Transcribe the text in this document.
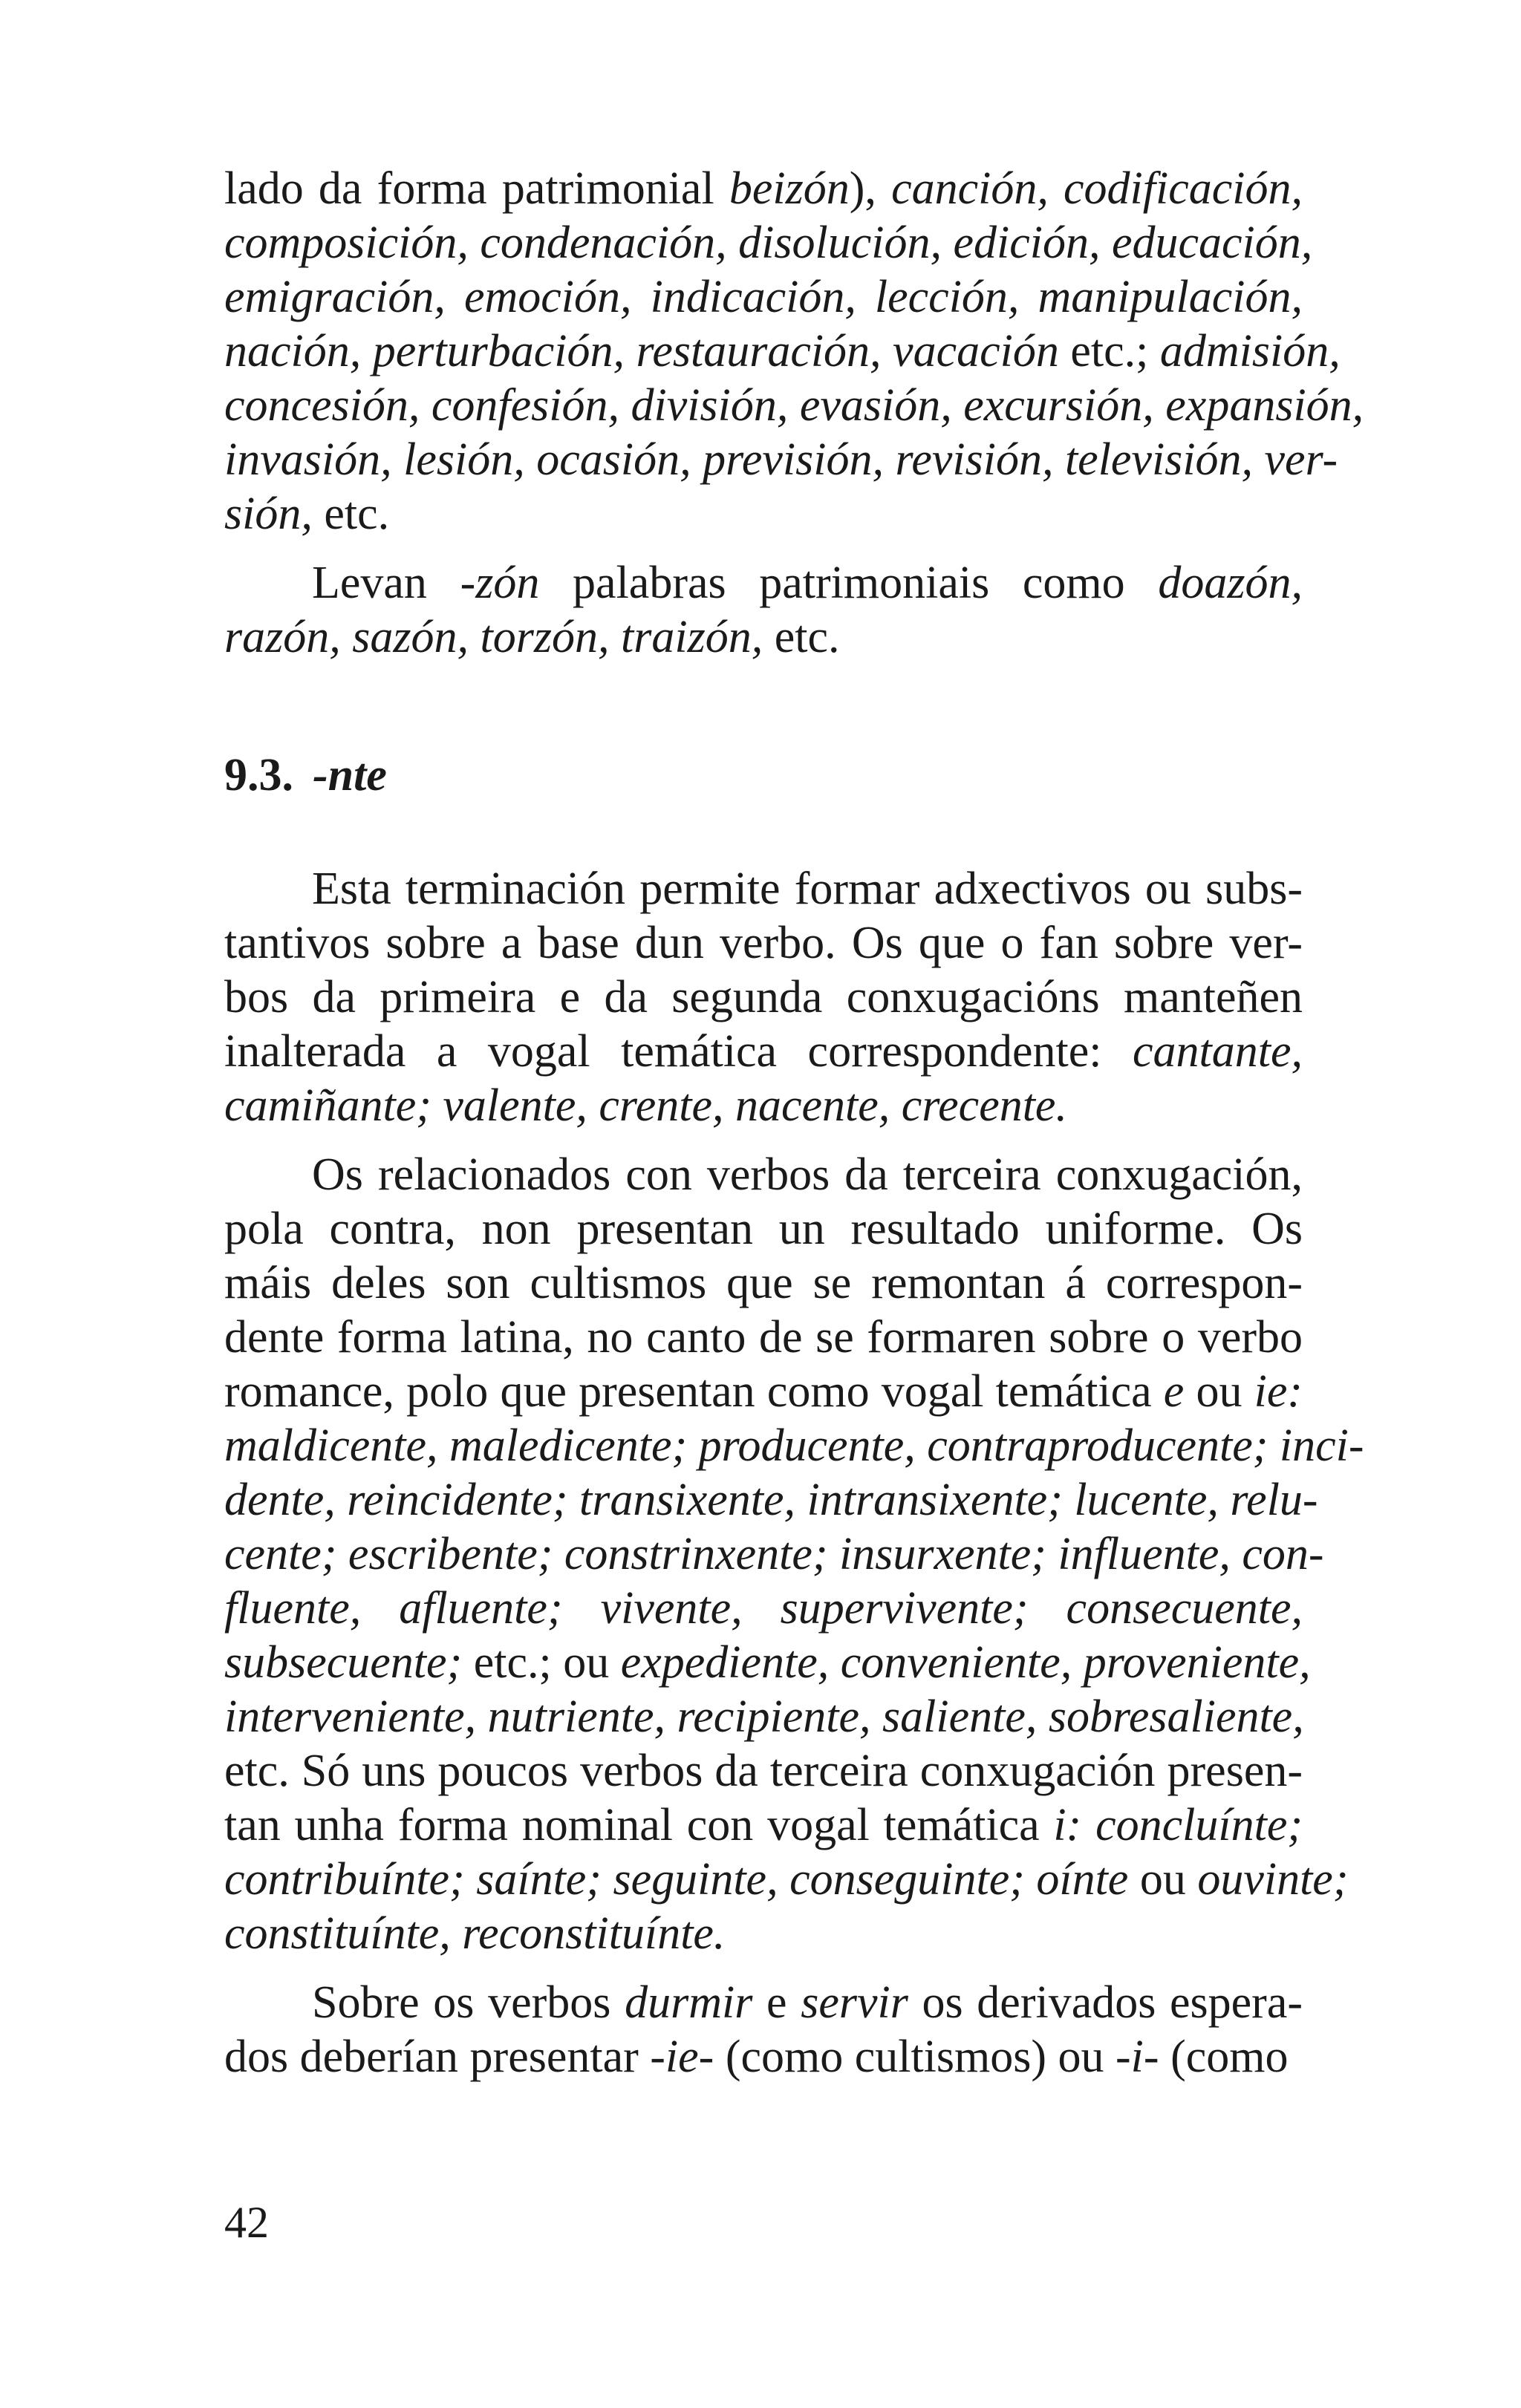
lado da forma patrimonial beizón), canción, codificación,
composición, condenación, disolución, edición, educación,
emigración, emoción, indicación, lección, manipulación,
nación, perturbación, restauración, vacación etc.; admisión,
concesión, confesión, división, evasión, excursión, expansión,
invasión, lesión, ocasión, previsión, revisión, televisión, ver-
sión, etc.
Levan -zón palabras patrimoniais como doazón,
razón, sazón, torzón, traizón, etc.
9.3. -nte
Esta terminación permite formar adxectivos ou subs-
tantivos sobre a base dun verbo. Os que o fan sobre ver-
bos da primeira e da segunda conxugacións manteñen
inalterada a vogal temática correspondente: cantante,
camiñante; valente, crente, nacente, crecente.
Os relacionados con verbos da terceira conxugación,
pola contra, non presentan un resultado uniforme. Os
máis deles son cultismos que se remontan á correspon-
dente forma latina, no canto de se formaren sobre o verbo
romance, polo que presentan como vogal temática e ou ie:
maldicente, maledicente; producente, contraproducente; inci-
dente, reincidente; transixente, intransixente; lucente, relu-
cente; escribente; constrinxente; insurxente; influente, con-
fluente, afluente; vivente, supervivente; consecuente,
subsecuente; etc.; ou expediente, conveniente, proveniente,
interveniente, nutriente, recipiente, saliente, sobresaliente,
etc. Só uns poucos verbos da terceira conxugación presen-
tan unha forma nominal con vogal temática i: concluínte;
contribuínte; saínte; seguinte, conseguinte; oínte ou ouvinte;
constituínte, reconstituínte.
Sobre os verbos durmir e servir os derivados espera-
dos deberían presentar -ie- (como cultismos) ou -i- (como
42
